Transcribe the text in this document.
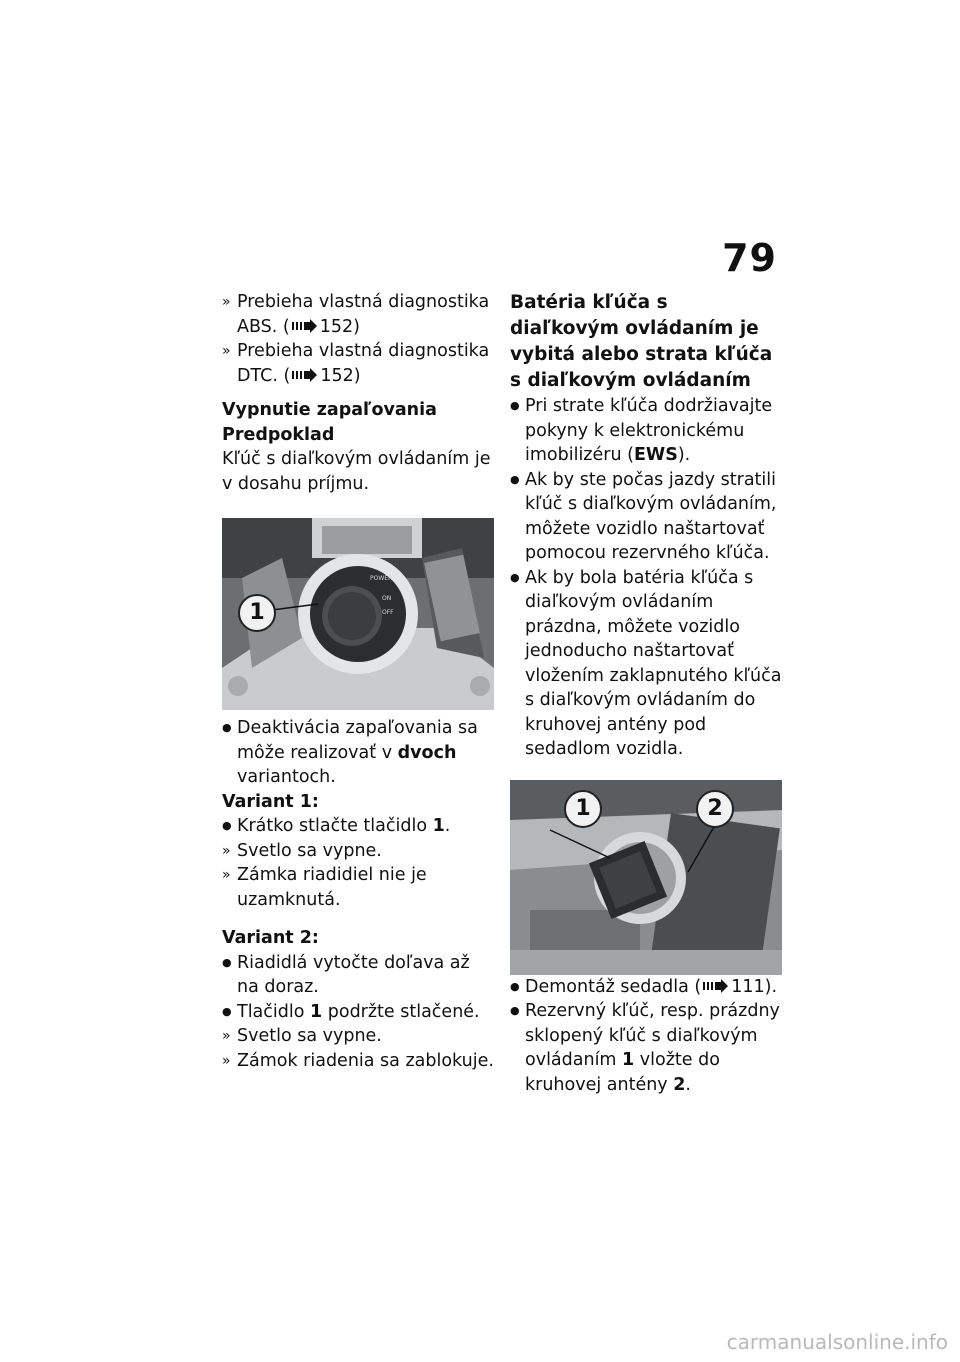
79
»
Prebieha vlastná diagnostika ABS. ( 152)
»
Prebieha vlastná diagnostika DTC. ( 152)
Vypnutie zapaľovania
Predpoklad
Kľúč s diaľkovým ovládaním je v dosahu príjmu.
POWER
ON
OFF
1
●
Deaktivácia zapaľovania sa môže realizovať v dvoch variantoch.
Variant 1:
●
Krátko stlačte tlačidlo 1.
»
Svetlo sa vypne.
»
Zámka riadidiel nie je uzamknutá.
Variant 2:
●
Riadidlá vytočte doľava až na doraz.
●
Tlačidlo 1 podržte stlačené.
»
Svetlo sa vypne.
»
Zámok riadenia sa zablokuje.
Batéria kľúča s diaľkovým ovládaním je vybitá alebo strata kľúča s diaľkovým ovládaním
●
Pri strate kľúča dodržiavajte pokyny k elektronickému imobilizéru (EWS).
●
Ak by ste počas jazdy stratili kľúč s diaľkovým ovládaním, môžete vozidlo naštartovať pomocou rezervného kľúča.
●
Ak by bola batéria kľúča s diaľkovým ovládaním prázdna, môžete vozidlo jednoducho naštartovať vložením zaklapnutého kľúča s diaľkovým ovládaním do kruhovej antény pod sedadlom vozidla.
1	2
●
Demontáž sedadla ( 111).
●
Rezervný kľúč, resp. prázdny sklopený kľúč s diaľkovým ovládaním 1 vložte do kruhovej antény 2.
carmanualsonline.info
